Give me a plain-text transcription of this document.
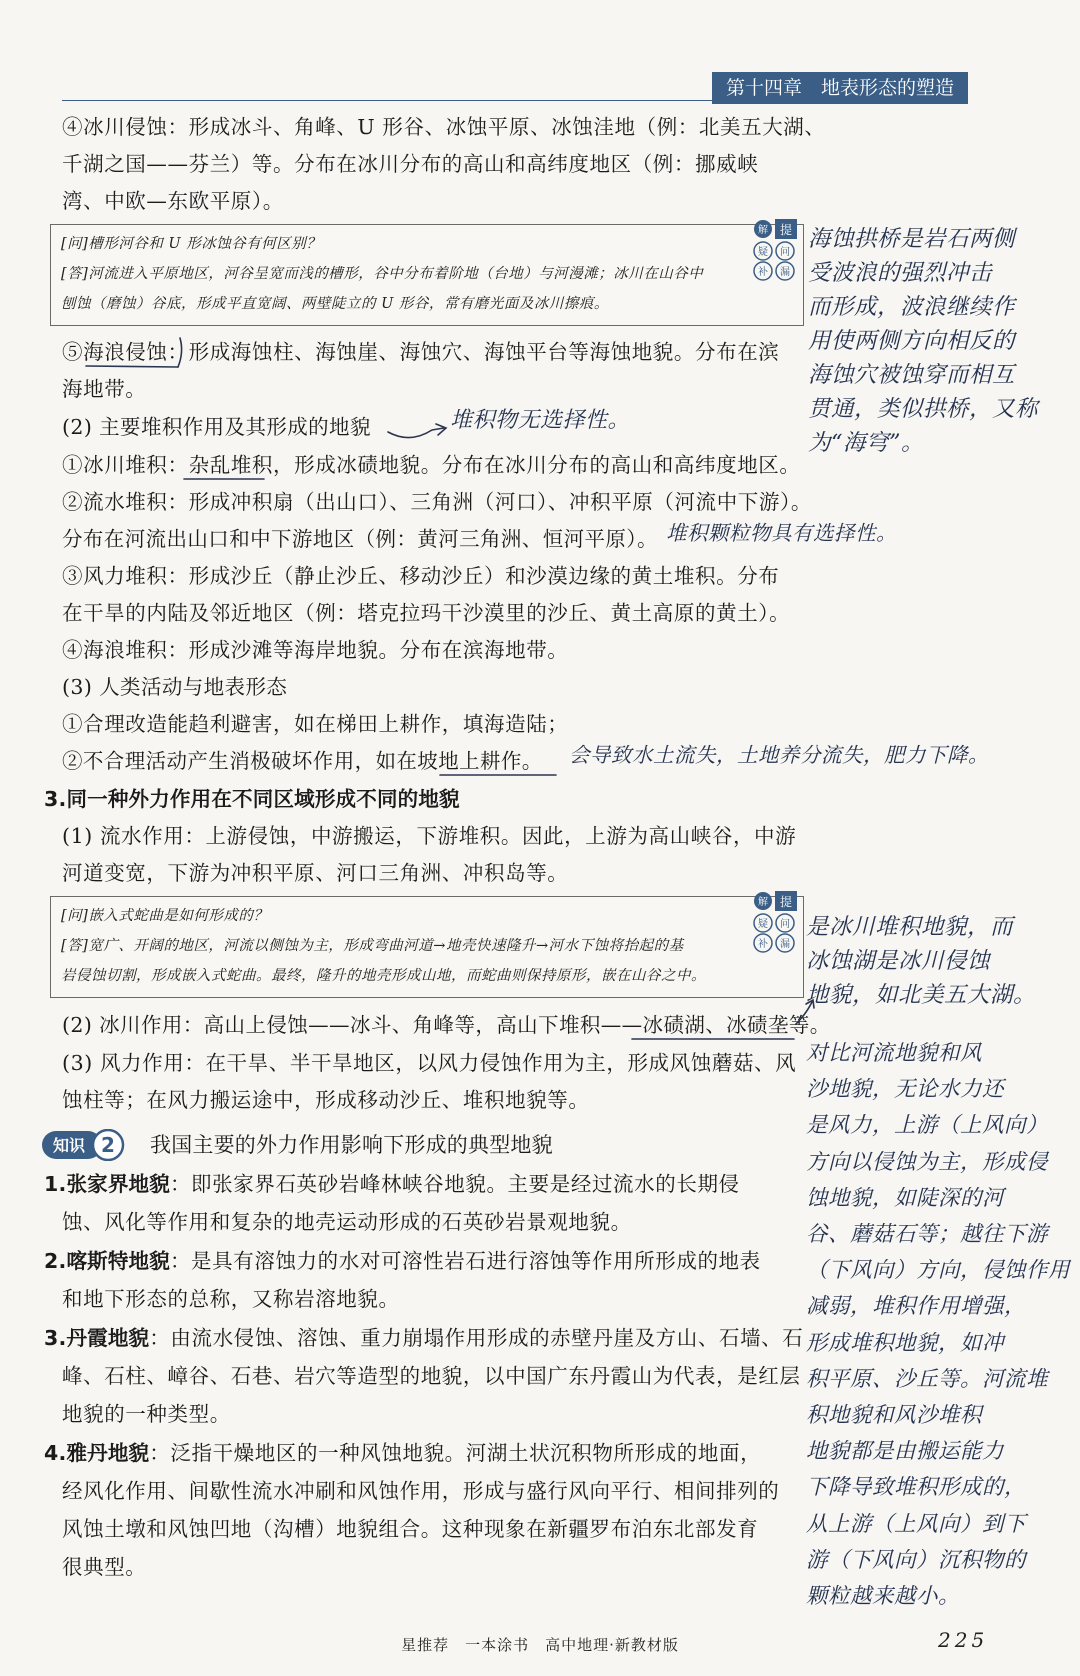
第十四章　地表形态的塑造
④冰川侵蚀：形成冰斗、角峰、U 形谷、冰蚀平原、冰蚀洼地（例：北美五大湖、
千湖之国——芬兰）等。分布在冰川分布的高山和高纬度地区（例：挪威峡
湾、中欧—东欧平原）。
[问]槽形河谷和 U 形冰蚀谷有何区别？
[答]河流进入平原地区，河谷呈宽而浅的槽形，谷中分布着阶地（台地）与河漫滩；冰川在山谷中
刨蚀（磨蚀）谷底，形成平直宽阔、两壁陡立的 U 形谷，常有磨光面及冰川擦痕。
解 提
疑 问
补 漏
⑤海浪侵蚀：形成海蚀柱、海蚀崖、海蚀穴、海蚀平台等海蚀地貌。分布在滨
海地带。
(2) 主要堆积作用及其形成的地貌
①冰川堆积：杂乱堆积，形成冰碛地貌。分布在冰川分布的高山和高纬度地区。
②流水堆积：形成冲积扇（出山口）、三角洲（河口）、冲积平原（河流中下游）。
分布在河流出山口和中下游地区（例：黄河三角洲、恒河平原）。
③风力堆积：形成沙丘（静止沙丘、移动沙丘）和沙漠边缘的黄土堆积。分布
在干旱的内陆及邻近地区（例：塔克拉玛干沙漠里的沙丘、黄土高原的黄土）。
④海浪堆积：形成沙滩等海岸地貌。分布在滨海地带。
(3) 人类活动与地表形态
①合理改造能趋利避害，如在梯田上耕作，填海造陆；
②不合理活动产生消极破坏作用，如在坡地上耕作。
3.同一种外力作用在不同区域形成不同的地貌
(1) 流水作用：上游侵蚀，中游搬运，下游堆积。因此，上游为高山峡谷，中游
河道变宽，下游为冲积平原、河口三角洲、冲积岛等。
[问]嵌入式蛇曲是如何形成的？
[答]宽广、开阔的地区，河流以侧蚀为主，形成弯曲河道→地壳快速隆升→河水下蚀将抬起的基
岩侵蚀切割，形成嵌入式蛇曲。最终，隆升的地壳形成山地，而蛇曲则保持原形，嵌在山谷之中。
解 提
疑 问
补 漏
(2) 冰川作用：高山上侵蚀——冰斗、角峰等，高山下堆积——冰碛湖、冰碛垄等。
(3) 风力作用：在干旱、半干旱地区，以风力侵蚀作用为主，形成风蚀蘑菇、风
蚀柱等；在风力搬运途中，形成移动沙丘、堆积地貌等。
知识 2 我国主要的外力作用影响下形成的典型地貌
1.张家界地貌：即张家界石英砂岩峰林峡谷地貌。主要是经过流水的长期侵
蚀、风化等作用和复杂的地壳运动形成的石英砂岩景观地貌。
2.喀斯特地貌：是具有溶蚀力的水对可溶性岩石进行溶蚀等作用所形成的地表
和地下形态的总称，又称岩溶地貌。
3.丹霞地貌：由流水侵蚀、溶蚀、重力崩塌作用形成的赤壁丹崖及方山、石墙、石
峰、石柱、嶂谷、石巷、岩穴等造型的地貌，以中国广东丹霞山为代表，是红层
地貌的一种类型。
4.雅丹地貌：泛指干燥地区的一种风蚀地貌。河湖土状沉积物所形成的地面，
经风化作用、间歇性流水冲刷和风蚀作用，形成与盛行风向平行、相间排列的
风蚀土墩和风蚀凹地（沟槽）地貌组合。这种现象在新疆罗布泊东北部发育
很典型。
海蚀拱桥是岩石两侧
受波浪的强烈冲击
而形成，波浪继续作
用使两侧方向相反的
海蚀穴被蚀穿而相互
贯通，类似拱桥，又称
为“海穹”。
堆积物无选择性。
堆积颗粒物具有选择性。
会导致水土流失，土地养分流失，肥力下降。
是冰川堆积地貌，而
冰蚀湖是冰川侵蚀
地貌，如北美五大湖。
对比河流地貌和风
沙地貌，无论水力还
是风力，上游（上风向）
方向以侵蚀为主，形成侵
蚀地貌，如陡深的河
谷、蘑菇石等；越往下游
（下风向）方向，侵蚀作用
减弱，堆积作用增强，
形成堆积地貌，如冲
积平原、沙丘等。河流堆
积地貌和风沙堆积
地貌都是由搬运能力
下降导致堆积形成的，
从上游（上风向）到下
游（下风向）沉积物的
颗粒越来越小。
星推荐　一本涂书　高中地理·新教材版	225
